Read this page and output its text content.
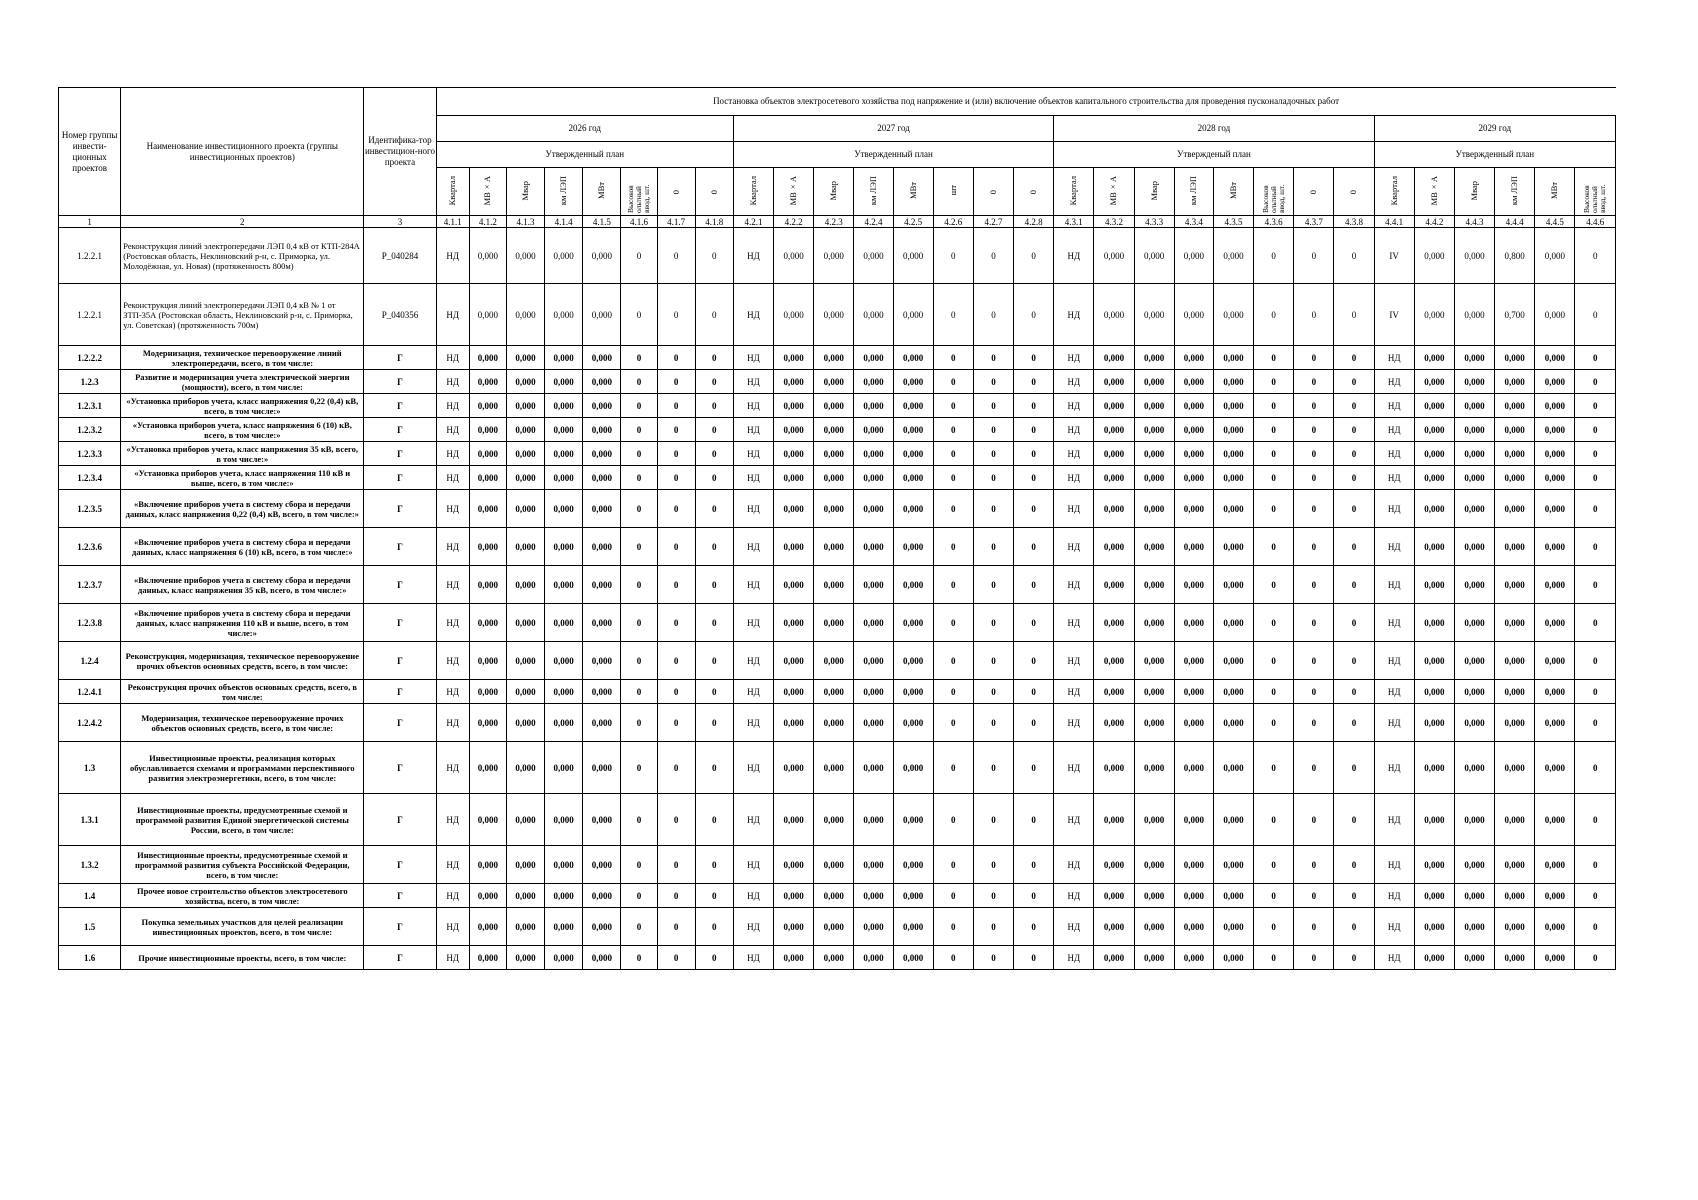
Номер группы инвести-ционных проектов	Наименование инвестиционного проекта (группы инвестиционных проектов)	Идентифика-тор инвестицион-ного проекта	Постановка объектов электросетевого хозяйства под напряжение и (или) включение объектов капитального строительства для проведения пусконаладочных работ																													
			2026 год								2027 год								2028 год								2029 год					
			Утвержденный план								Утвержденный план								Утвержденый план								Утвержденный план					
			Квартал	МВ×А	Мвар	км ЛЭП	МВт	Высоков ольтный ввод, шт.	0	0	Квартал	МВ×А	Мвар	км ЛЭП	МВт	шт	0	0	Квартал	МВ×А	Мвар	км ЛЭП	МВт	Высоков ольтный ввод, шт.	0	0	Квартал	МВ×А	Мвар	км ЛЭП	МВт	Высоков ольтный ввод, шт.
1	2	3	4.1.1	4.1.2	4.1.3	4.1.4	4.1.5	4.1.6	4.1.7	4.1.8	4.2.1	4.2.2	4.2.3	4.2.4	4.2.5	4.2.6	4.2.7	4.2.8	4.3.1	4.3.2	4.3.3	4.3.4	4.3.5	4.3.6	4.3.7	4.3.8	4.4.1	4.4.2	4.4.3	4.4.4	4.4.5	4.4.6
1.2.2.1	Реконструкция линий электропередачи ЛЭП 0,4 кВ от КТП-284А (Ростовская область, Неклиновский р-н, с. Приморка, ул. Молодёжная, ул. Новая) (протяженность 800м)	P_040284	НД	0,000	0,000	0,000	0,000	0	0	0	НД	0,000	0,000	0,000	0,000	0	0	0	НД	0,000	0,000	0,000	0,000	0	0	0	IV	0,000	0,000	0,800	0,000	0
1.2.2.1	Реконструкция линий электропередачи ЛЭП 0,4 кВ № 1 от ЗТП-35А (Ростовская область, Неклиновский р-н, с. Приморка, ул. Советская) (протяженность 700м)	P_040356	НД	0,000	0,000	0,000	0,000	0	0	0	НД	0,000	0,000	0,000	0,000	0	0	0	НД	0,000	0,000	0,000	0,000	0	0	0	IV	0,000	0,000	0,700	0,000	0
1.2.2.2	Модернизация, техническое перевооружение линий электропередачи, всего, в том числе:	Г	НД	0,000	0,000	0,000	0,000	0	0	0	НД	0,000	0,000	0,000	0,000	0	0	0	НД	0,000	0,000	0,000	0,000	0	0	0	НД	0,000	0,000	0,000	0,000	0
1.2.3	Развитие и модернизация учета электрической энергии (мощности), всего, в том числе:	Г	НД	0,000	0,000	0,000	0,000	0	0	0	НД	0,000	0,000	0,000	0,000	0	0	0	НД	0,000	0,000	0,000	0,000	0	0	0	НД	0,000	0,000	0,000	0,000	0
1.2.3.1	«Установка приборов учета, класс напряжения 0,22 (0,4) кВ, всего, в том числе:»	Г	НД	0,000	0,000	0,000	0,000	0	0	0	НД	0,000	0,000	0,000	0,000	0	0	0	НД	0,000	0,000	0,000	0,000	0	0	0	НД	0,000	0,000	0,000	0,000	0
1.2.3.2	«Установка приборов учета, класс напряжения 6 (10) кВ, всего, в том числе:»	Г	НД	0,000	0,000	0,000	0,000	0	0	0	НД	0,000	0,000	0,000	0,000	0	0	0	НД	0,000	0,000	0,000	0,000	0	0	0	НД	0,000	0,000	0,000	0,000	0
1.2.3.3	«Установка приборов учета, класс напряжения 35 кВ, всего, в том числе:»	Г	НД	0,000	0,000	0,000	0,000	0	0	0	НД	0,000	0,000	0,000	0,000	0	0	0	НД	0,000	0,000	0,000	0,000	0	0	0	НД	0,000	0,000	0,000	0,000	0
1.2.3.4	«Установка приборов учета, класс напряжения 110 кВ и выше, всего, в том числе:»	Г	НД	0,000	0,000	0,000	0,000	0	0	0	НД	0,000	0,000	0,000	0,000	0	0	0	НД	0,000	0,000	0,000	0,000	0	0	0	НД	0,000	0,000	0,000	0,000	0
1.2.3.5	«Включение приборов учета в систему сбора и передачи данных, класс напряжения 0,22 (0,4) кВ, всего, в том числе:»	Г	НД	0,000	0,000	0,000	0,000	0	0	0	НД	0,000	0,000	0,000	0,000	0	0	0	НД	0,000	0,000	0,000	0,000	0	0	0	НД	0,000	0,000	0,000	0,000	0
1.2.3.6	«Включение приборов учета в систему сбора и передачи данных, класс напряжения 6 (10) кВ, всего, в том числе:»	Г	НД	0,000	0,000	0,000	0,000	0	0	0	НД	0,000	0,000	0,000	0,000	0	0	0	НД	0,000	0,000	0,000	0,000	0	0	0	НД	0,000	0,000	0,000	0,000	0
1.2.3.7	«Включение приборов учета в систему сбора и передачи данных, класс напряжения 35 кВ, всего, в том числе:»	Г	НД	0,000	0,000	0,000	0,000	0	0	0	НД	0,000	0,000	0,000	0,000	0	0	0	НД	0,000	0,000	0,000	0,000	0	0	0	НД	0,000	0,000	0,000	0,000	0
1.2.3.8	«Включение приборов учета в систему сбора и передачи данных, класс напряжения 110 кВ и выше, всего, в том числе:»	Г	НД	0,000	0,000	0,000	0,000	0	0	0	НД	0,000	0,000	0,000	0,000	0	0	0	НД	0,000	0,000	0,000	0,000	0	0	0	НД	0,000	0,000	0,000	0,000	0
1.2.4	Реконструкция, модернизация, техническое перевооружение прочих объектов основных средств, всего, в том числе:	Г	НД	0,000	0,000	0,000	0,000	0	0	0	НД	0,000	0,000	0,000	0,000	0	0	0	НД	0,000	0,000	0,000	0,000	0	0	0	НД	0,000	0,000	0,000	0,000	0
1.2.4.1	Реконструкция прочих объектов основных средств, всего, в том числе:	Г	НД	0,000	0,000	0,000	0,000	0	0	0	НД	0,000	0,000	0,000	0,000	0	0	0	НД	0,000	0,000	0,000	0,000	0	0	0	НД	0,000	0,000	0,000	0,000	0
1.2.4.2	Модернизация, техническое перевооружение прочих объектов основных средств, всего, в том числе:	Г	НД	0,000	0,000	0,000	0,000	0	0	0	НД	0,000	0,000	0,000	0,000	0	0	0	НД	0,000	0,000	0,000	0,000	0	0	0	НД	0,000	0,000	0,000	0,000	0
1.3	Инвестиционные проекты, реализация которых обуславливается схемами и программами перспективного развития электроэнергетики, всего, в том числе:	Г	НД	0,000	0,000	0,000	0,000	0	0	0	НД	0,000	0,000	0,000	0,000	0	0	0	НД	0,000	0,000	0,000	0,000	0	0	0	НД	0,000	0,000	0,000	0,000	0
1.3.1	Инвестиционные проекты, предусмотренные схемой и программой развития Единой энергетической системы России, всего, в том числе:	Г	НД	0,000	0,000	0,000	0,000	0	0	0	НД	0,000	0,000	0,000	0,000	0	0	0	НД	0,000	0,000	0,000	0,000	0	0	0	НД	0,000	0,000	0,000	0,000	0
1.3.2	Инвестиционные проекты, предусмотренные схемой и программой развития субъекта Российской Федерации, всего, в том числе:	Г	НД	0,000	0,000	0,000	0,000	0	0	0	НД	0,000	0,000	0,000	0,000	0	0	0	НД	0,000	0,000	0,000	0,000	0	0	0	НД	0,000	0,000	0,000	0,000	0
1.4	Прочее новое строительство объектов электросетевого хозяйства, всего, в том числе:	Г	НД	0,000	0,000	0,000	0,000	0	0	0	НД	0,000	0,000	0,000	0,000	0	0	0	НД	0,000	0,000	0,000	0,000	0	0	0	НД	0,000	0,000	0,000	0,000	0
1.5	Покупка земельных участков для целей реализации инвестиционных проектов, всего, в том числе:	Г	НД	0,000	0,000	0,000	0,000	0	0	0	НД	0,000	0,000	0,000	0,000	0	0	0	НД	0,000	0,000	0,000	0,000	0	0	0	НД	0,000	0,000	0,000	0,000	0
1.6	Прочие инвестиционные проекты, всего, в том числе:	Г	НД	0,000	0,000	0,000	0,000	0	0	0	НД	0,000	0,000	0,000	0,000	0	0	0	НД	0,000	0,000	0,000	0,000	0	0	0	НД	0,000	0,000	0,000	0,000	0
